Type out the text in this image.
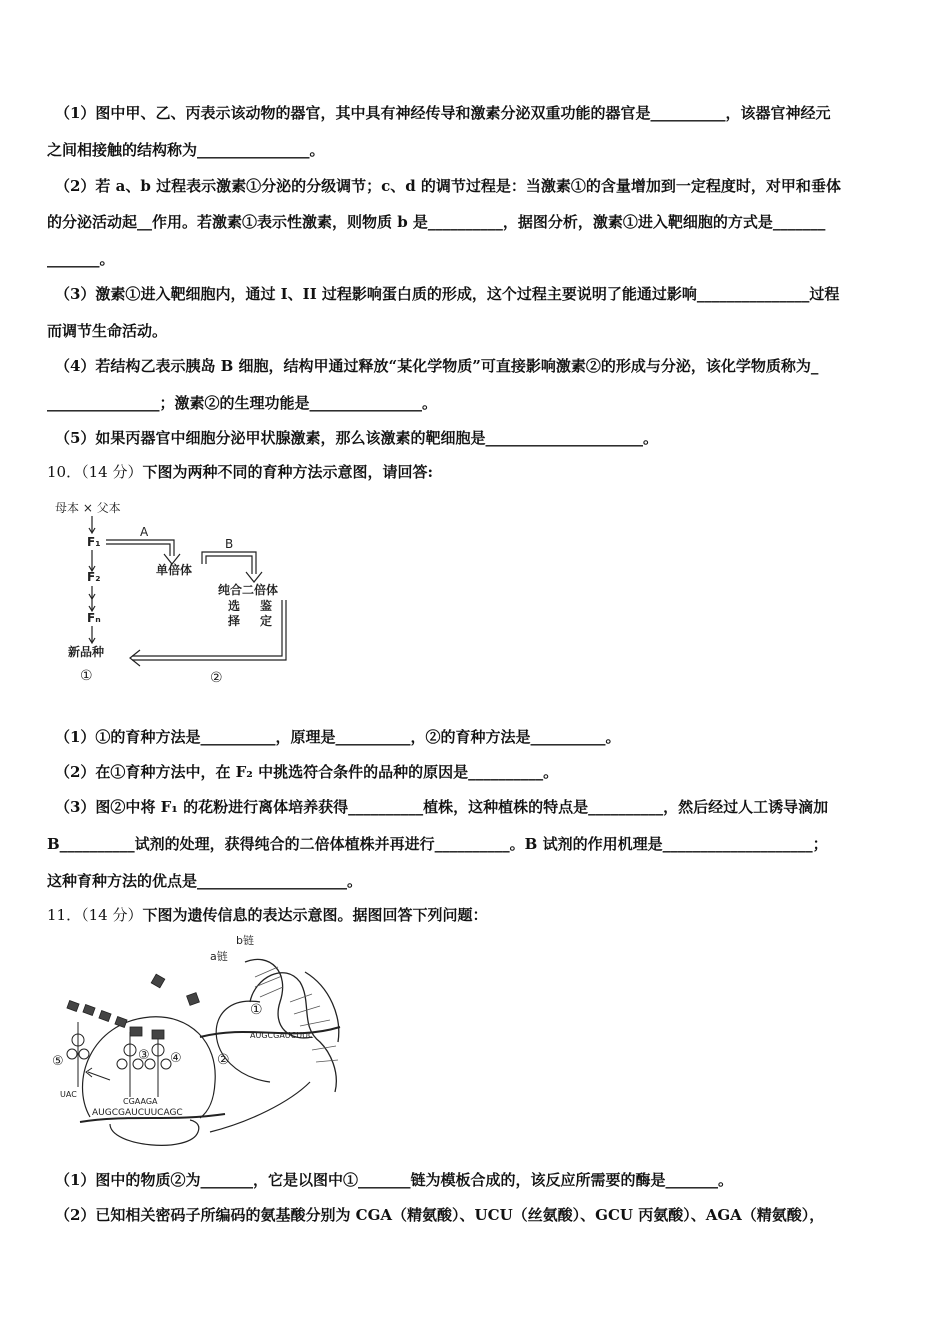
（1）图中甲、乙、丙表示该动物的器官，其中具有神经传导和激素分泌双重功能的器官是__________，该器官神经元
之间相接触的结构称为_______________。
（2）若 a、b 过程表示激素①分泌的分级调节；c、d 的调节过程是：当激素①的含量增加到一定程度时，对甲和垂体
的分泌活动起__作用。若激素①表示性激素，则物质 b 是__________，据图分析，激素①进入靶细胞的方式是_______
_______。
（3）激素①进入靶细胞内，通过 I、II 过程影响蛋白质的形成，这个过程主要说明了能通过影响_______________过程
而调节生命活动。
（4）若结构乙表示胰岛 B 细胞，结构甲通过释放“某化学物质”可直接影响激素②的形成与分泌，该化学物质称为_
_______________；激素②的生理功能是_______________。
（5）如果丙器官中细胞分泌甲状腺激素，那么该激素的靶细胞是_____________________。
10．（14 分）下图为两种不同的育种方法示意图，请回答:
母本 × 父本
F₁
F₂
Fₙ
新品种
①
A
B
单倍体
纯合二倍体
②
选择
鉴定
（1）①的育种方法是__________，原理是__________，②的育种方法是__________。
（2）在①育种方法中，在 F₂ 中挑选符合条件的品种的原因是__________。
（3）图②中将 F₁ 的花粉进行离体培养获得__________植株，这种植株的特点是__________，然后经过人工诱导滴加
B__________试剂的处理，获得纯合的二倍体植株并再进行__________。B 试剂的作用机理是____________________；
这种育种方法的优点是____________________。
11．（14 分）下图为遗传信息的表达示意图。据图回答下列问题：
b链
a链
①
②
③ ④
⑤
UAC
CGAAGA
AUGCGAUCUUCAGC
AUGCGAUCUUC
（1）图中的物质②为_______，它是以图中①_______链为模板合成的，该反应所需要的酶是_______。
（2）已知相关密码子所编码的氨基酸分别为 CGA（精氨酸）、UCU（丝氨酸）、GCU 丙氨酸）、AGA（精氨酸），
